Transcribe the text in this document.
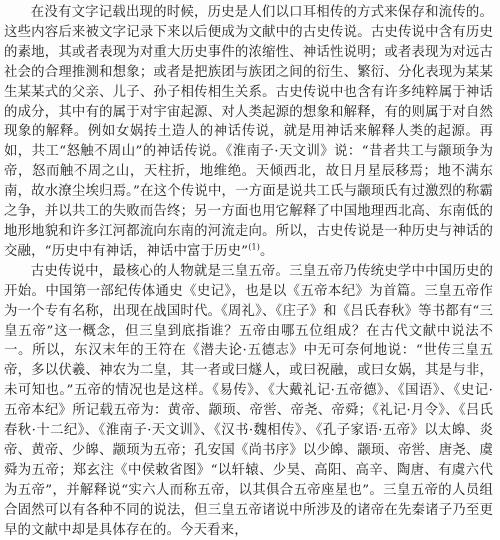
在没有文字记载出现的时候，历史是人们以口耳相传的方式来保存和流传的。这些内容后来被文字记录下来以后便成为文献中的古史传说。古史传说中含有历史的素地，其或者表现为对重大历史事件的浓缩性、神话性说明；或者表现为对远古社会的合理推测和想象；或者是把族团与族团之间的衍生、繁衍、分化表现为某某生某某式的父亲、儿子、孙子相传相生关系。古史传说中也含有许多纯粹属于神话的成分，其中有的属于对宇宙起源、对人类起源的想象和解释，有的则属于对自然现象的解释。例如女娲抟土造人的神话传说，就是用神话来解释人类的起源。再如，共工“怒触不周山”的神话传说。《淮南子·天文训》说：“昔者共工与颛顼争为帝，怒而触不周之山，天柱折，地维绝。天倾西北，故日月星辰移焉；地不满东南，故水潦尘埃归焉。”在这个传说中，一方面是说共工氏与颛顼氏有过激烈的称霸之争，并以共工的失败而告终；另一方面也用它解释了中国地理西北高、东南低的地形地貌和许多江河都流向东南的河流走向。所以，古史传说是一种历史与神话的交融，“历史中有神话，神话中富于历史”$^{(1)}$。

古史传说中，最核心的人物就是三皇五帝。三皇五帝乃传统史学中中国历史的开始。中国第一部纪传体通史《史记》，也是以《五帝本纪》为首篇。三皇五帝作为一个专有名称，出现在战国时代。《周礼》、《庄子》和《吕氏春秋》等书都有“三皇五帝”这一概念，但三皇到底指谁？五帝由哪五位组成？在古代文献中说法不一。所以，东汉末年的王符在《潜夫论·五德志》中无可奈何地说：“世传三皇五帝，多以伏羲、神农为二皇，其一者或曰燧人，或曰祝融，或曰女娲，其是与非，未可知也。”五帝的情况也是这样。《易传》、《大戴礼记·五帝德》、《国语》、《史记·五帝本纪》所记载五帝为：黄帝、颛顼、帝喾、帝尧、帝舜；《礼记·月令》、《吕氏春秋·十二纪》、《淮南子·天文训》、《汉书·魏相传》、《孔子家语·五帝》以太皞、炎帝、黄帝、少皞、颛顼为五帝；孔安国《尚书序》以少皞、颛顼、帝喾、唐尧、虞舜为五帝；郑玄注《中侯敕省图》“以轩辕、少昊、高阳、高辛、陶唐、有虞六代为五帝”，并解释说“实六人而称五帝，以其俱合五帝座星也”。三皇五帝的人员组合固然可以有各种不同的说法，但三皇五帝诸说中所涉及的诸帝在先秦诸子乃至更早的文献中却是具体存在的。今天看来，
